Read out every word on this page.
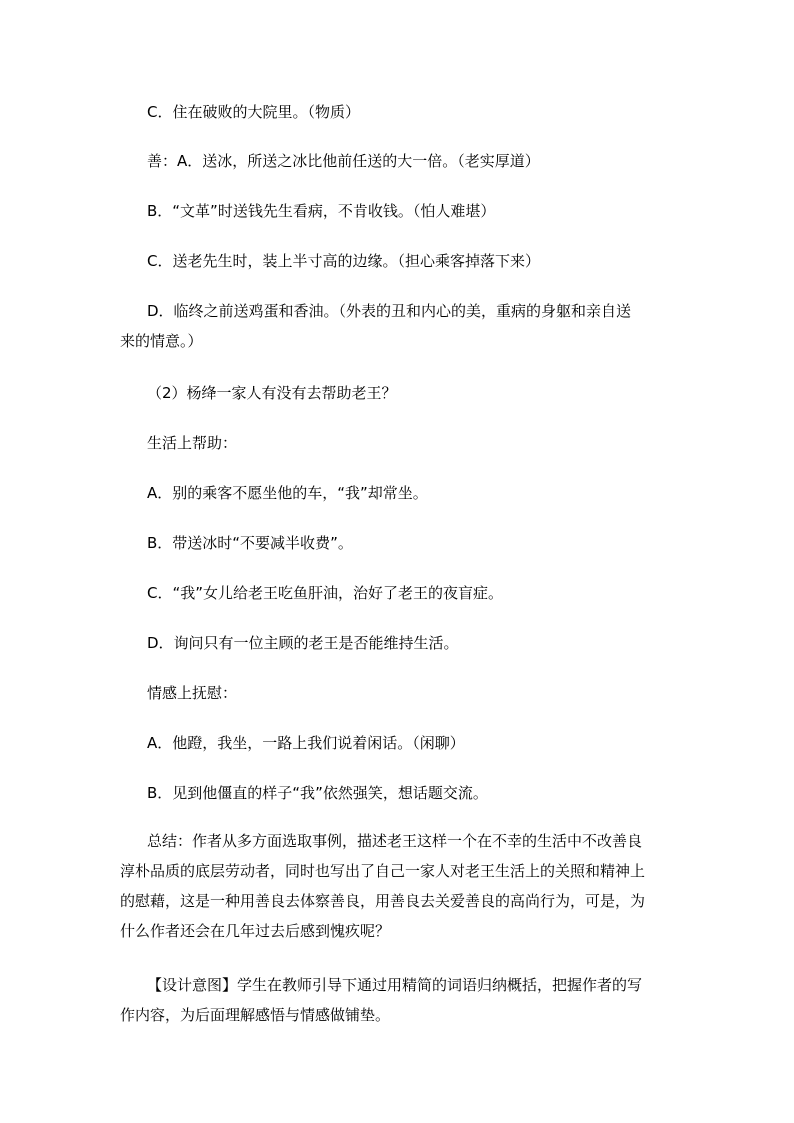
C．住在破败的大院里。（物质）
善：A．送冰，所送之冰比他前任送的大一倍。（老实厚道）
B．“文革”时送钱先生看病，不肯收钱。（怕人难堪）
C．送老先生时，装上半寸高的边缘。（担心乘客掉落下来）
D．临终之前送鸡蛋和香油。（外表的丑和内心的美，重病的身躯和亲自送
来的情意。）
（2）杨绛一家人有没有去帮助老王？
生活上帮助：
A．别的乘客不愿坐他的车，“我”却常坐。
B．带送冰时“不要减半收费”。
C．“我”女儿给老王吃鱼肝油，治好了老王的夜盲症。
D．询问只有一位主顾的老王是否能维持生活。
情感上抚慰：
A．他蹬，我坐，一路上我们说着闲话。（闲聊）
B．见到他僵直的样子“我”依然强笑，想话题交流。
总结：作者从多方面选取事例，描述老王这样一个在不幸的生活中不改善良
淳朴品质的底层劳动者，同时也写出了自己一家人对老王生活上的关照和精神上
的慰藉，这是一种用善良去体察善良，用善良去关爱善良的高尚行为，可是，为
什么作者还会在几年过去后感到愧疚呢？
【设计意图】学生在教师引导下通过用精简的词语归纳概括，把握作者的写
作内容，为后面理解感悟与情感做铺垫。
